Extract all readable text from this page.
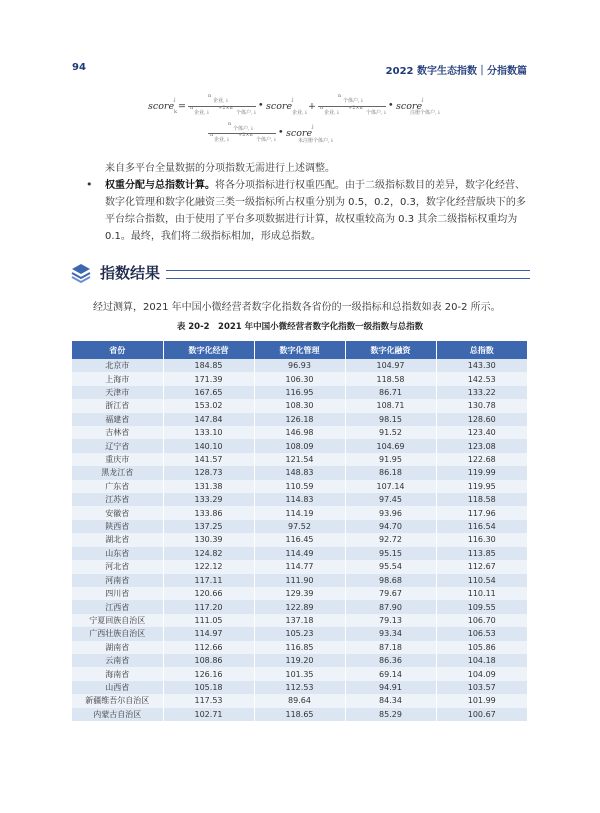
94	2022 数字生态指数｜分指数篇
score
j
k =
n
企业, i
n
企业, i
+2×n
个体户, i
• score
j
企业, i
+
n
个体户, i
n
企业, i
+2×n
个体户, i
• score
j
注册个体户, i
n
个体户, i
n
企业, i
+2×n
个体户, i
• score
j
未注册个体户, i
来自多平台全量数据的分项指数无需进行上述调整。
• 权重分配与总指数计算。将各分项指标进行权重匹配。由于二级指标数目的差异，数字化经营、数字化管理和数字化融资三类一级指标所占权重分别为 0.5，0.2，0.3，数字化经营版块下的多平台综合指数，由于使用了平台多项数据进行计算，故权重较高为 0.3 其余二级指标权重均为 0.1。最终，我们将二级指标相加，形成总指数。
指数结果
经过测算，2021 年中国小微经营者数字化指数各省份的一级指标和总指数如表 20-2 所示。
表 20-2　2021 年中国小微经营者数字化指数一级指数与总指数
省份	数字化经营	数字化管理	数字化融资	总指数
北京市	184.85	96.93	104.97	143.30
上海市	171.39	106.30	118.58	142.53
天津市	167.65	116.95	86.71	133.22
浙江省	153.02	108.30	108.71	130.78
福建省	147.84	126.18	98.15	128.60
吉林省	133.10	146.98	91.52	123.40
辽宁省	140.10	108.09	104.69	123.08
重庆市	141.57	121.54	91.95	122.68
黑龙江省	128.73	148.83	86.18	119.99
广东省	131.38	110.59	107.14	119.95
江苏省	133.29	114.83	97.45	118.58
安徽省	133.86	114.19	93.96	117.96
陕西省	137.25	97.52	94.70	116.54
湖北省	130.39	116.45	92.72	116.30
山东省	124.82	114.49	95.15	113.85
河北省	122.12	114.77	95.54	112.67
河南省	117.11	111.90	98.68	110.54
四川省	120.66	129.39	79.67	110.11
江西省	117.20	122.89	87.90	109.55
宁夏回族自治区	111.05	137.18	79.13	106.70
广西壮族自治区	114.97	105.23	93.34	106.53
湖南省	112.66	116.85	87.18	105.86
云南省	108.86	119.20	86.36	104.18
海南省	126.16	101.35	69.14	104.09
山西省	105.18	112.53	94.91	103.57
新疆维吾尔自治区	117.53	89.64	84.34	101.99
内蒙古自治区	102.71	118.65	85.29	100.67
